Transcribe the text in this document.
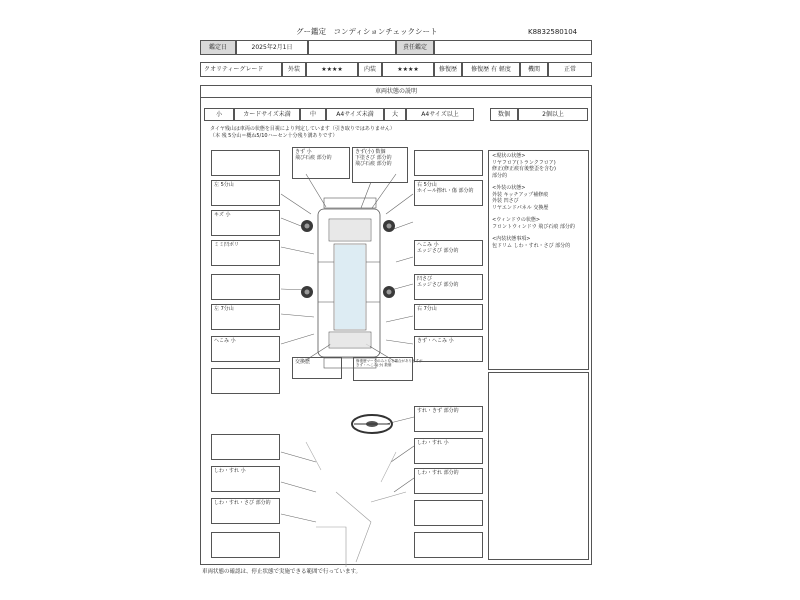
グー鑑定　コンディションチェックシート	K8832580104
鑑定日	2025年2月1日	責任鑑定
クオリティーグレード	外装	★★★★	内装	★★★★	修復歴	修復歴 有 軽度	機関	正常
車両状態の説明
小	カードサイズ未満	中	A4サイズ未満	大	A4サイズ以上	数個	2個以上
タイヤ残山は車両の状態を目視により判定しています（引き取りではありません）
（本 残 5分山＝概ね5/10ハーセン十分残り溝ありです）
左 5分山
キズ 小
ミミ凹ボリ
左 7分山
へこみ 小
しわ・すれ 小
しわ・すれ・さび 部分的
きず 小
飛び石痕 部分的
きず(小) 数個
下塗さび 部分的
飛び石痕 部分的
交換歴	修復歴マークのみとなる場合がありますが
きず・へこみ(小) 数個
右 5分山
ホイール擦れ・傷 部分的
へこみ 小
エッジさび 部分的
凹さび
エッジさび 部分的
右 7分山
きず・へこみ 小
すれ・きず 部分的
しわ・すれ 小
しわ・すれ 部分的
<現状の状態>
リヤフロア(トランクフロア)
修正(修正痕有後整歪を含む)
部分的
<外装の状態>
外装 キッチアップ補修痕
外装 凹さび
リヤエンドパネル 交換歴
<ウィンドウの状態>
フロントウィンドウ 飛び石痕 部分的
<内装状態事項>
包ドリム しわ・すれ・さび 部分的
車両状態の確認は、停止状態で実施できる範囲で行っています。
